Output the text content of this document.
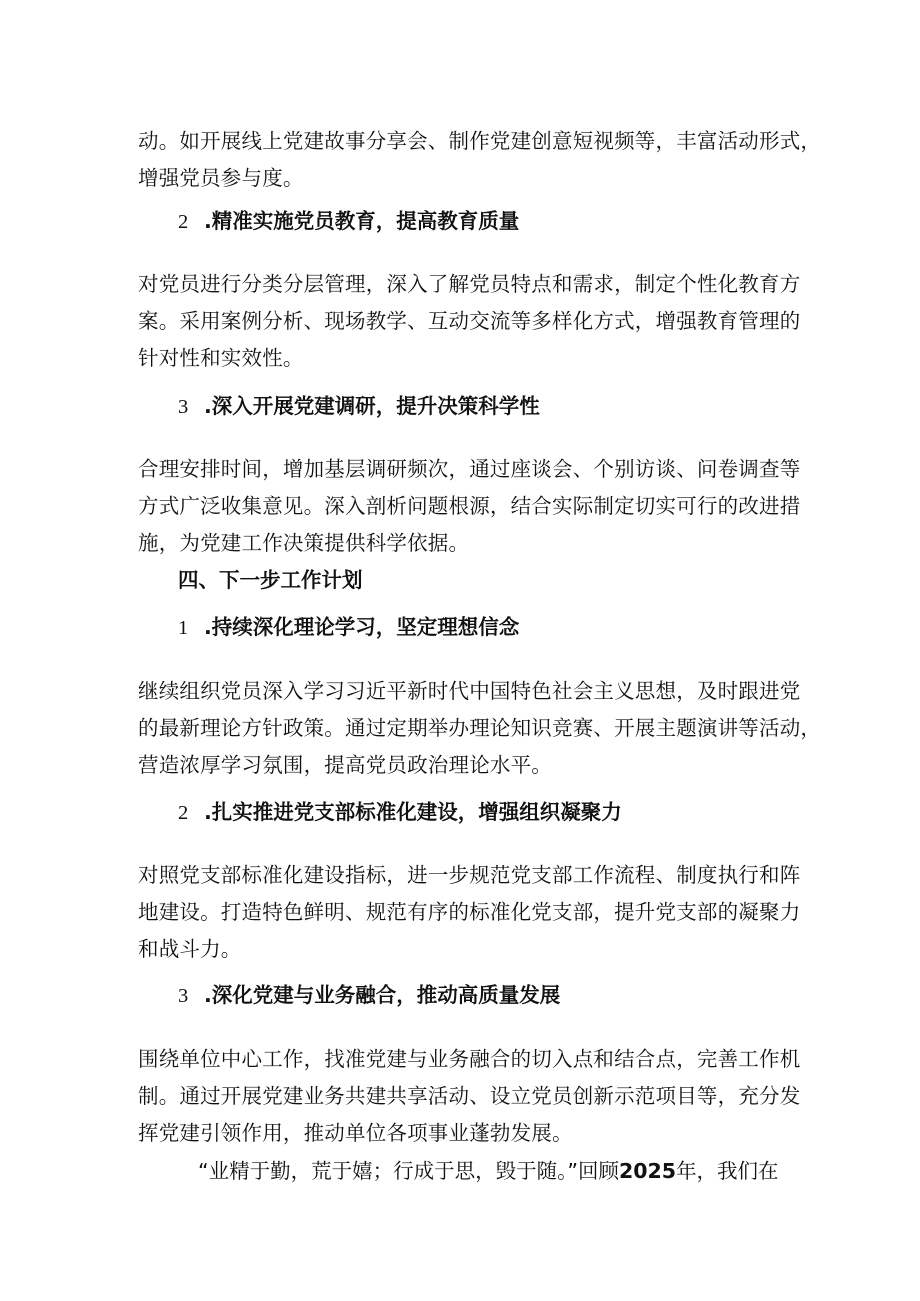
动。如开展线上党建故事分享会、制作党建创意短视频等，丰富活动形式，
增强党员参与度。

2 .精准实施党员教育，提高教育质量

对党员进行分类分层管理，深入了解党员特点和需求，制定个性化教育方
案。采用案例分析、现场教学、互动交流等多样化方式，增强教育管理的
针对性和实效性。

3 .深入开展党建调研，提升决策科学性

合理安排时间，增加基层调研频次，通过座谈会、个别访谈、问卷调查等
方式广泛收集意见。深入剖析问题根源，结合实际制定切实可行的改进措
施，为党建工作决策提供科学依据。

四、下一步工作计划

1 .持续深化理论学习，坚定理想信念

继续组织党员深入学习习近平新时代中国特色社会主义思想，及时跟进党
的最新理论方针政策。通过定期举办理论知识竞赛、开展主题演讲等活动，
营造浓厚学习氛围，提高党员政治理论水平。

2 .扎实推进党支部标准化建设，增强组织凝聚力

对照党支部标准化建设指标，进一步规范党支部工作流程、制度执行和阵
地建设。打造特色鲜明、规范有序的标准化党支部，提升党支部的凝聚力
和战斗力。

3 .深化党建与业务融合，推动高质量发展

围绕单位中心工作，找准党建与业务融合的切入点和结合点，完善工作机
制。通过开展党建业务共建共享活动、设立党员创新示范项目等，充分发
挥党建引领作用，推动单位各项事业蓬勃发展。

“业精于勤，荒于嬉；行成于思，毁于随。”回顾2025年，我们在
